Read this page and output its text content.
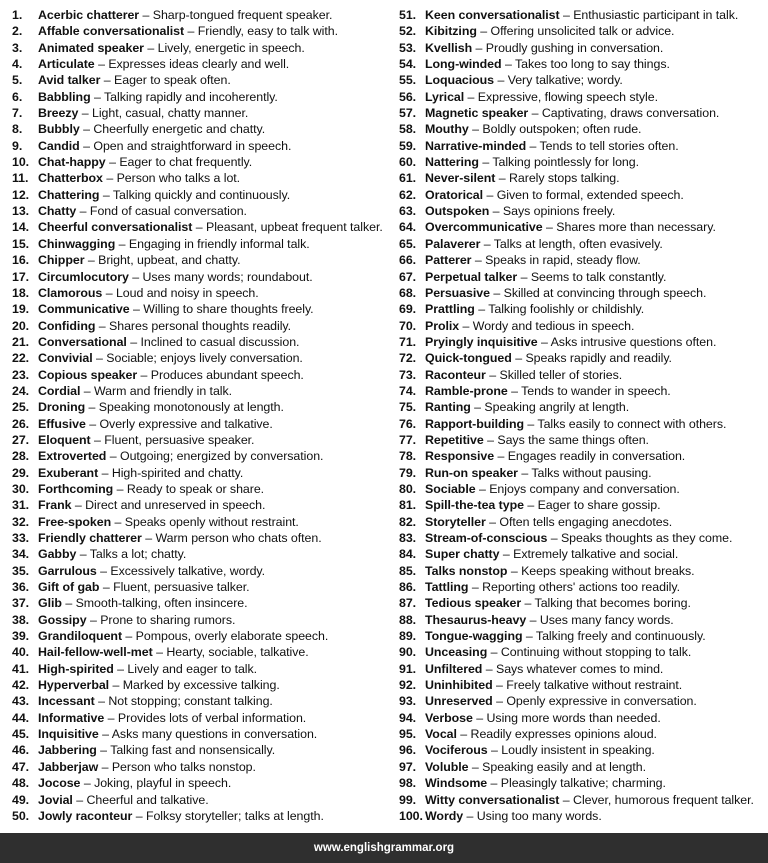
1. Acerbic chatterer – Sharp-tongued frequent speaker.
2. Affable conversationalist – Friendly, easy to talk with.
3. Animated speaker – Lively, energetic in speech.
4. Articulate – Expresses ideas clearly and well.
5. Avid talker – Eager to speak often.
6. Babbling – Talking rapidly and incoherently.
7. Breezy – Light, casual, chatty manner.
8. Bubbly – Cheerfully energetic and chatty.
9. Candid – Open and straightforward in speech.
10. Chat-happy – Eager to chat frequently.
11. Chatterbox – Person who talks a lot.
12. Chattering – Talking quickly and continuously.
13. Chatty – Fond of casual conversation.
14. Cheerful conversationalist – Pleasant, upbeat frequent talker.
15. Chinwagging – Engaging in friendly informal talk.
16. Chipper – Bright, upbeat, and chatty.
17. Circumlocutory – Uses many words; roundabout.
18. Clamorous – Loud and noisy in speech.
19. Communicative – Willing to share thoughts freely.
20. Confiding – Shares personal thoughts readily.
21. Conversational – Inclined to casual discussion.
22. Convivial – Sociable; enjoys lively conversation.
23. Copious speaker – Produces abundant speech.
24. Cordial – Warm and friendly in talk.
25. Droning – Speaking monotonously at length.
26. Effusive – Overly expressive and talkative.
27. Eloquent – Fluent, persuasive speaker.
28. Extroverted – Outgoing; energized by conversation.
29. Exuberant – High-spirited and chatty.
30. Forthcoming – Ready to speak or share.
31. Frank – Direct and unreserved in speech.
32. Free-spoken – Speaks openly without restraint.
33. Friendly chatterer – Warm person who chats often.
34. Gabby – Talks a lot; chatty.
35. Garrulous – Excessively talkative, wordy.
36. Gift of gab – Fluent, persuasive talker.
37. Glib – Smooth-talking, often insincere.
38. Gossipy – Prone to sharing rumors.
39. Grandiloquent – Pompous, overly elaborate speech.
40. Hail-fellow-well-met – Hearty, sociable, talkative.
41. High-spirited – Lively and eager to talk.
42. Hyperverbal – Marked by excessive talking.
43. Incessant – Not stopping; constant talking.
44. Informative – Provides lots of verbal information.
45. Inquisitive – Asks many questions in conversation.
46. Jabbering – Talking fast and nonsensically.
47. Jabberjaw – Person who talks nonstop.
48. Jocose – Joking, playful in speech.
49. Jovial – Cheerful and talkative.
50. Jowly raconteur – Folksy storyteller; talks at length.
51. Keen conversationalist – Enthusiastic participant in talk.
52. Kibitzing – Offering unsolicited talk or advice.
53. Kvellish – Proudly gushing in conversation.
54. Long-winded – Takes too long to say things.
55. Loquacious – Very talkative; wordy.
56. Lyrical – Expressive, flowing speech style.
57. Magnetic speaker – Captivating, draws conversation.
58. Mouthy – Boldly outspoken; often rude.
59. Narrative-minded – Tends to tell stories often.
60. Nattering – Talking pointlessly for long.
61. Never-silent – Rarely stops talking.
62. Oratorical – Given to formal, extended speech.
63. Outspoken – Says opinions freely.
64. Overcommunicative – Shares more than necessary.
65. Palaverer – Talks at length, often evasively.
66. Patterer – Speaks in rapid, steady flow.
67. Perpetual talker – Seems to talk constantly.
68. Persuasive – Skilled at convincing through speech.
69. Prattling – Talking foolishly or childishly.
70. Prolix – Wordy and tedious in speech.
71. Pryingly inquisitive – Asks intrusive questions often.
72. Quick-tongued – Speaks rapidly and readily.
73. Raconteur – Skilled teller of stories.
74. Ramble-prone – Tends to wander in speech.
75. Ranting – Speaking angrily at length.
76. Rapport-building – Talks easily to connect with others.
77. Repetitive – Says the same things often.
78. Responsive – Engages readily in conversation.
79. Run-on speaker – Talks without pausing.
80. Sociable – Enjoys company and conversation.
81. Spill-the-tea type – Eager to share gossip.
82. Storyteller – Often tells engaging anecdotes.
83. Stream-of-conscious – Speaks thoughts as they come.
84. Super chatty – Extremely talkative and social.
85. Talks nonstop – Keeps speaking without breaks.
86. Tattling – Reporting others' actions too readily.
87. Tedious speaker – Talking that becomes boring.
88. Thesaurus-heavy – Uses many fancy words.
89. Tongue-wagging – Talking freely and continuously.
90. Unceasing – Continuing without stopping to talk.
91. Unfiltered – Says whatever comes to mind.
92. Uninhibited – Freely talkative without restraint.
93. Unreserved – Openly expressive in conversation.
94. Verbose – Using more words than needed.
95. Vocal – Readily expresses opinions aloud.
96. Vociferous – Loudly insistent in speaking.
97. Voluble – Speaking easily and at length.
98. Windsome – Pleasingly talkative; charming.
99. Witty conversationalist – Clever, humorous frequent talker.
100. Wordy – Using too many words.
www.englishgrammar.org
